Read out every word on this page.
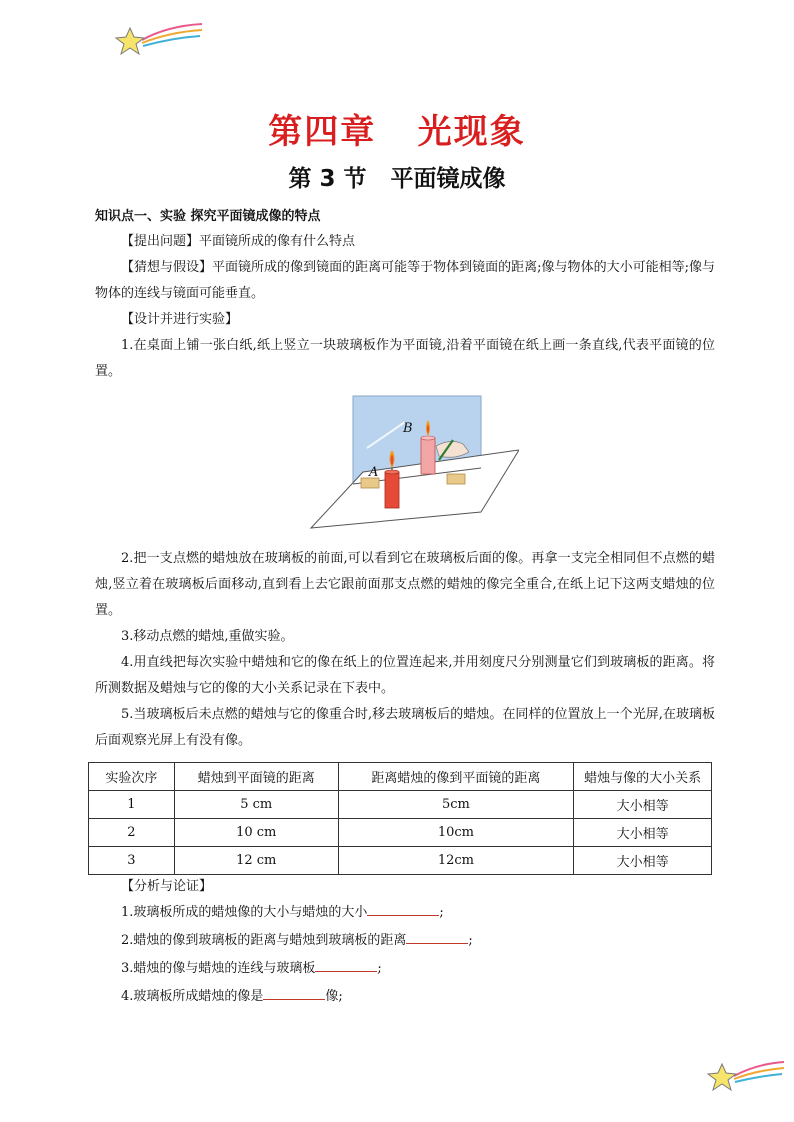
第四章   光现象
第 3 节   平面镜成像
知识点一、实验 探究平面镜成像的特点

【提出问题】平面镜所成的像有什么特点

【猜想与假设】平面镜所成的像到镜面的距离可能等于物体到镜面的距离;像与物体的大小可能相等;像与物体的连线与镜面可能垂直。

【设计并进行实验】

1.在桌面上铺一张白纸,纸上竖立一块玻璃板作为平面镜,沿着平面镜在纸上画一条直线,代表平面镜的位置。

B
A

2.把一支点燃的蜡烛放在玻璃板的前面,可以看到它在玻璃板后面的像。再拿一支完全相同但不点燃的蜡烛,竖立着在玻璃板后面移动,直到看上去它跟前面那支点燃的蜡烛的像完全重合,在纸上记下这两支蜡烛的位置。

3.移动点燃的蜡烛,重做实验。

4.用直线把每次实验中蜡烛和它的像在纸上的位置连起来,并用刻度尺分别测量它们到玻璃板的距离。将所测数据及蜡烛与它的像的大小关系记录在下表中。

5.当玻璃板后未点燃的蜡烛与它的像重合时,移去玻璃板后的蜡烛。在同样的位置放上一个光屏,在玻璃板后面观察光屏上有没有像。

实验次序	蜡烛到平面镜的距离	距离蜡烛的像到平面镜的距离	蜡烛与像的大小关系
1	5 cm	5cm	大小相等
2	10 cm	10cm	大小相等
3	12 cm	12cm	大小相等

【分析与论证】

1.玻璃板所成的蜡烛像的大小与蜡烛的大小	;

2.蜡烛的像到玻璃板的距离与蜡烛到玻璃板的距离	;

3.蜡烛的像与蜡烛的连线与玻璃板	;

4.玻璃板所成蜡烛的像是	像;
